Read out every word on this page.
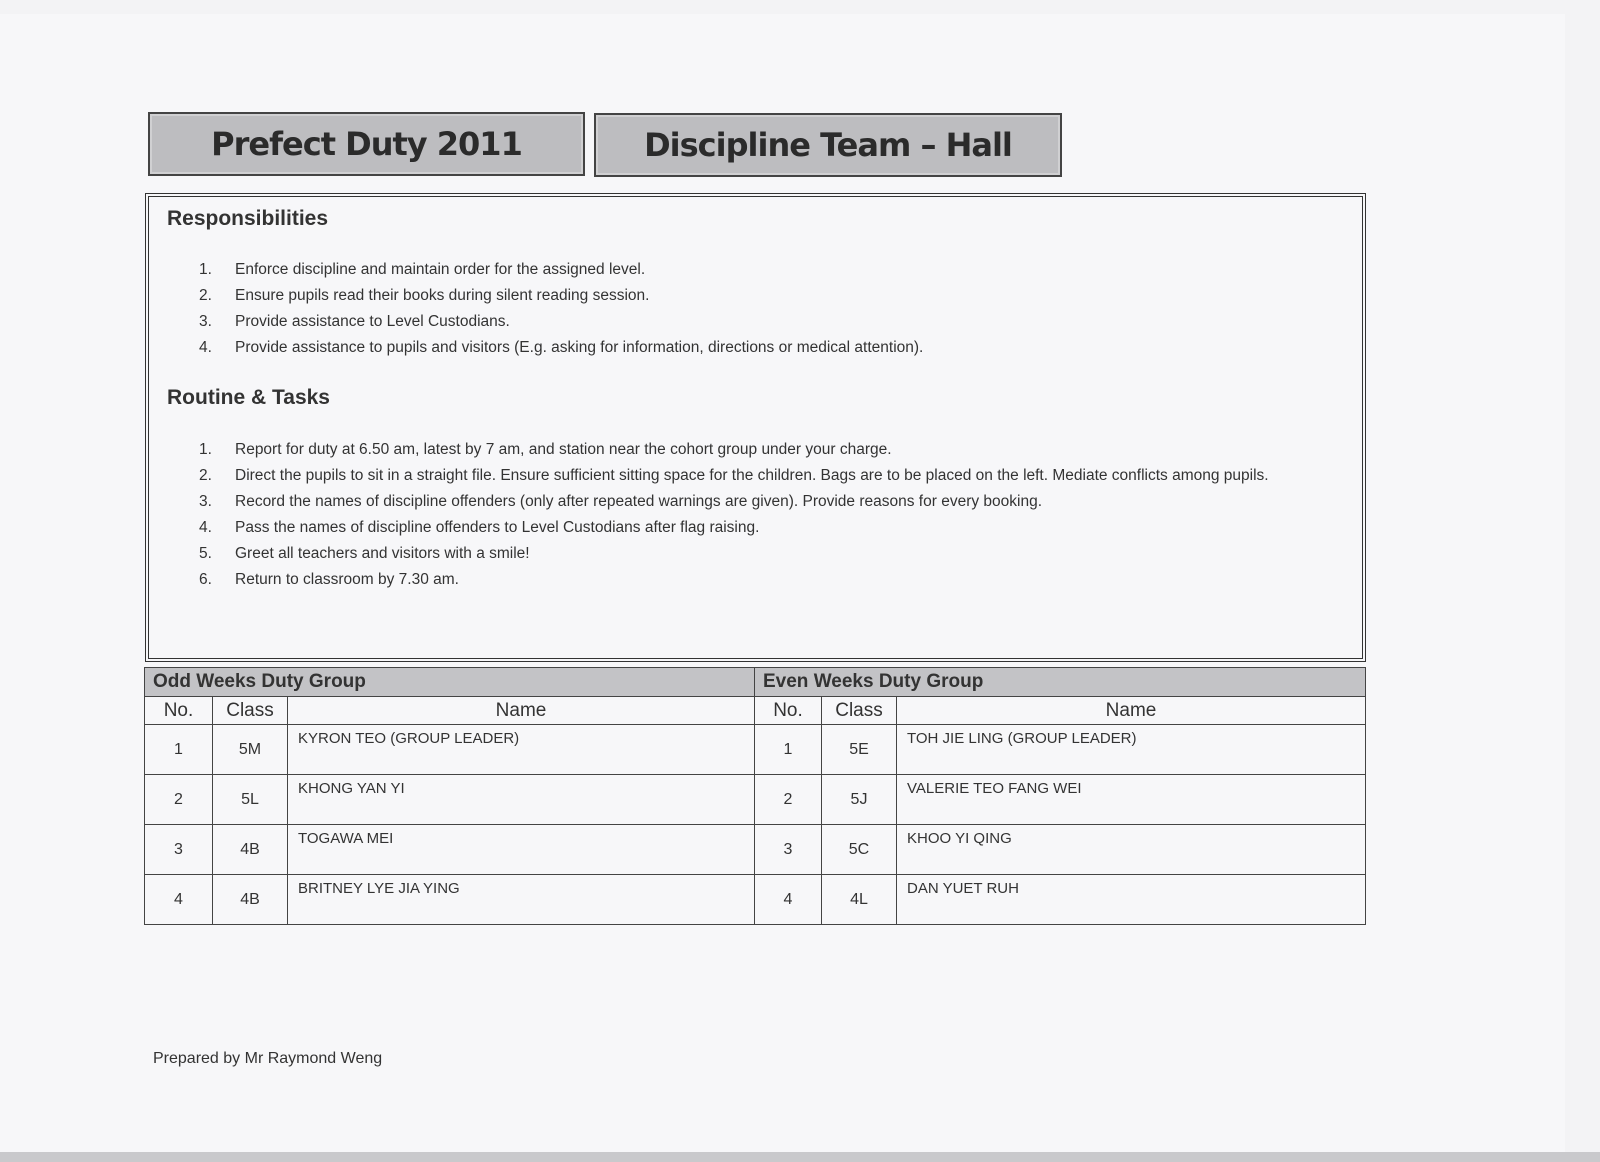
Prefect Duty 2011	Discipline Team – Hall
Responsibilities
1.	Enforce discipline and maintain order for the assigned level.
2.	Ensure pupils read their books during silent reading session.
3.	Provide assistance to Level Custodians.
4.	Provide assistance to pupils and visitors (E.g. asking for information, directions or medical attention).
Routine & Tasks
1.	Report for duty at 6.50 am, latest by 7 am, and station near the cohort group under your charge.
2.	Direct the pupils to sit in a straight file. Ensure sufficient sitting space for the children. Bags are to be placed on the left. Mediate conflicts among pupils.
3.	Record the names of discipline offenders (only after repeated warnings are given). Provide reasons for every booking.
4.	Pass the names of discipline offenders to Level Custodians after flag raising.
5.	Greet all teachers and visitors with a smile!
6.	Return to classroom by 7.30 am.
Odd Weeks Duty Group			Even Weeks Duty Group		
No.	Class	Name	No.	Class	Name
1	5M	KYRON TEO (GROUP LEADER)	1	5E	TOH JIE LING (GROUP LEADER)
2	5L	KHONG YAN YI	2	5J	VALERIE TEO FANG WEI
3	4B	TOGAWA MEI	3	5C	KHOO YI QING
4	4B	BRITNEY LYE JIA YING	4	4L	DAN YUET RUH
Prepared by Mr Raymond Weng
